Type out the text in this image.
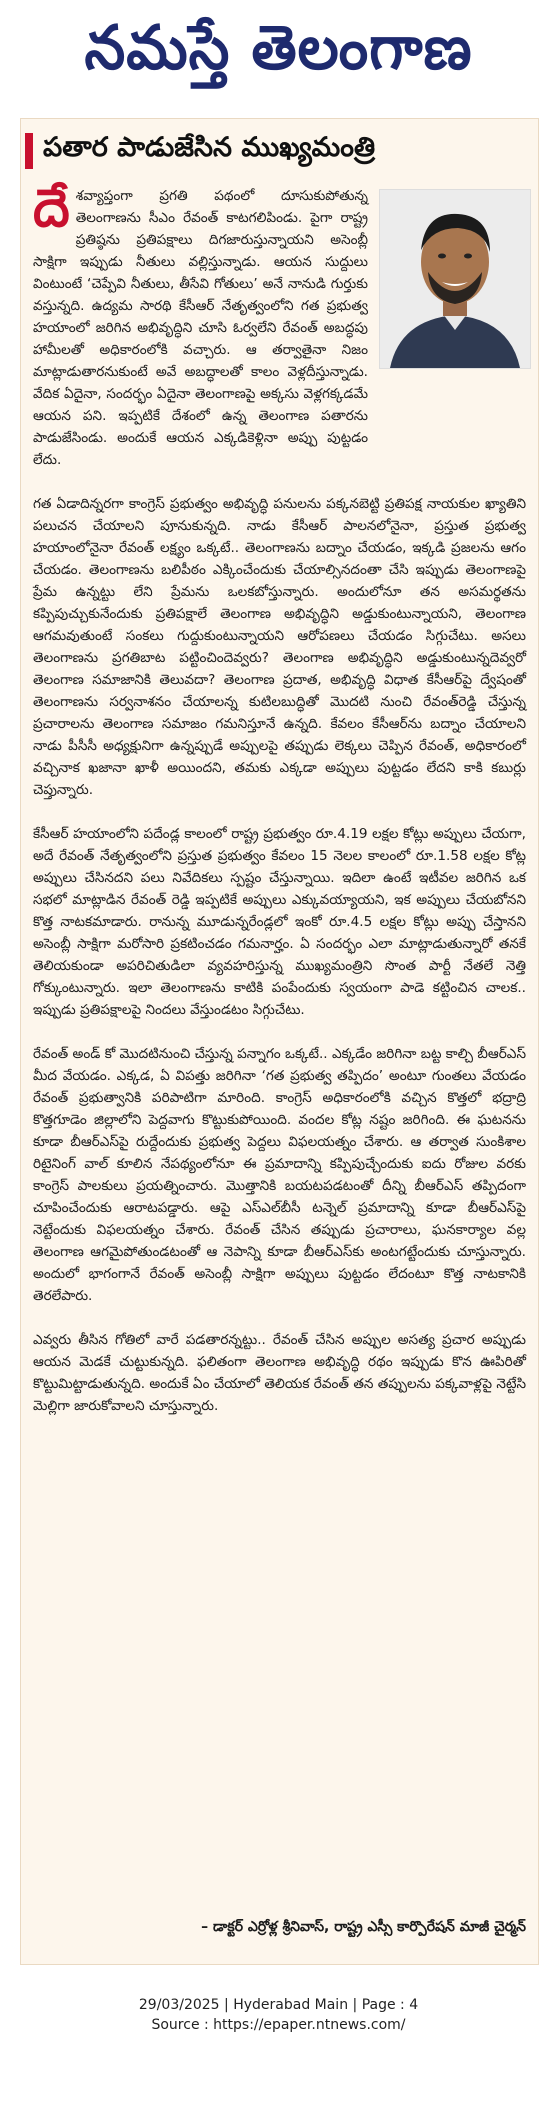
నమస్తే తెలంగాణ
పతార పాడుజేసిన ముఖ్యమంత్రి

దే శవ్యాప్తంగా ప్రగతి పథంలో దూసుకుపోతున్న తెలంగాణను సీఎం రేవంత్ కాటగలిపిండు. పైగా రాష్ట్ర ప్రతిష్ఠను ప్రతిపక్షాలు దిగజారుస్తున్నాయని అసెంబ్లీ సాక్షిగా ఇప్పుడు నీతులు వల్లిస్తున్నాడు. ఆయన సుద్దులు వింటుంటే ‘చెప్పేవి నీతులు, తీసేవి గోతులు’ అనే నానుడి గుర్తుకు వస్తున్నది. ఉద్యమ సారథి కేసీఆర్ నేతృత్వంలోని గత ప్రభుత్వ హయాంలో జరిగిన అభివృద్ధిని చూసి ఓర్వలేని రేవంత్ అబద్ధపు హామీలతో అధికారంలోకి వచ్చారు. ఆ తర్వాతైనా నిజం మాట్లాడుతారనుకుంటే అవే అబద్ధాలతో కాలం వెళ్లదీస్తున్నాడు. వేదిక ఏదైనా, సందర్భం ఏదైనా తెలంగాణపై అక్కసు వెళ్లగక్కడమే ఆయన పని. ఇప్పటికే దేశంలో ఉన్న తెలంగాణ పతారను పాడుజేసిండు. అందుకే ఆయన ఎక్కడికెళ్లినా అప్పు పుట్టడం లేదు.

గత ఏడాదిన్నరగా కాంగ్రెస్ ప్రభుత్వం అభివృద్ధి పనులను పక్కనబెట్టి ప్రతిపక్ష నాయకుల ఖ్యాతిని పలుచన చేయాలని పూనుకున్నది. నాడు కేసీఆర్ పాలనలోనైనా, ప్రస్తుత ప్రభుత్వ హయాంలోనైనా రేవంత్ లక్ష్యం ఒక్కటే.. తెలంగాణను బద్నాం చేయడం, ఇక్కడి ప్రజలను ఆగం చేయడం. తెలంగాణను బలిపీఠం ఎక్కించేందుకు చేయాల్సినదంతా చేసి ఇప్పుడు తెలంగాణపై ప్రేమ ఉన్నట్టు లేని ప్రేమను ఒలకబోస్తున్నారు. అందులోనూ తన అసమర్థతను కప్పిపుచ్చుకునేందుకు ప్రతిపక్షాలే తెలంగాణ అభివృద్ధిని అడ్డుకుంటున్నాయని, తెలంగాణ ఆగమవుతుంటే సంకలు గుద్దుకుంటున్నాయని ఆరోపణలు చేయడం సిగ్గుచేటు. అసలు తెలంగాణను ప్రగతిబాట పట్టించిందెవ్వరు? తెలంగాణ అభివృద్ధిని అడ్డుకుంటున్నదెవ్వరో తెలంగాణ సమాజానికి తెలువదా? తెలంగాణ ప్రదాత, అభివృద్ధి విధాత కేసీఆర్‌పై ద్వేషంతో తెలంగాణను సర్వనాశనం చేయాలన్న కుటిలబుద్ధితో మొదటి నుంచి రేవంత్‌రెడ్డి చేస్తున్న ప్రచారాలను తెలంగాణ సమాజం గమనిస్తూనే ఉన్నది. కేవలం కేసీఆర్‌ను బద్నాం చేయాలని నాడు పీసీసీ అధ్యక్షునిగా ఉన్నప్పుడే అప్పులపై తప్పుడు లెక్కలు చెప్పిన రేవంత్, అధికారంలో వచ్చినాక ఖజానా ఖాళీ అయిందని, తమకు ఎక్కడా అప్పులు పుట్టడం లేదని కాకి కబుర్లు చెప్తున్నారు.

కేసీఆర్ హయాంలోని పదేండ్ల కాలంలో రాష్ట్ర ప్రభుత్వం రూ.4.19 లక్షల కోట్లు అప్పులు చేయగా, అదే రేవంత్ నేతృత్వంలోని ప్రస్తుత ప్రభుత్వం కేవలం 15 నెలల కాలంలో రూ.1.58 లక్షల కోట్ల అప్పులు చేసినదని పలు నివేదికలు స్పష్టం చేస్తున్నాయి. ఇదిలా ఉంటే ఇటీవల జరిగిన ఒక సభలో మాట్లాడిన రేవంత్ రెడ్డి ఇప్పటికే అప్పులు ఎక్కువయ్యాయని, ఇక అప్పులు చేయబోనని కొత్త నాటకమాడారు. రానున్న మూడున్నరేండ్లలో ఇంకో రూ.4.5 లక్షల కోట్లు అప్పు చేస్తానని అసెంబ్లీ సాక్షిగా మరోసారి ప్రకటించడం గమనార్హం. ఏ సందర్భం ఎలా మాట్లాడుతున్నారో తనకే తెలియకుండా అపరిచితుడిలా వ్యవహరిస్తున్న ముఖ్యమంత్రిని సొంత పార్టీ నేతలే నెత్తి గోక్కుంటున్నారు. ఇలా తెలంగాణను కాటికి పంపేందుకు స్వయంగా పాడె కట్టించిన చాలక.. ఇప్పుడు ప్రతిపక్షాలపై నిందలు వేస్తుండటం సిగ్గుచేటు.

రేవంత్ అండ్ కో మొదటినుంచి చేస్తున్న పన్నాగం ఒక్కటే.. ఎక్కడేం జరిగినా బట్ట కాల్చి బీఆర్ఎస్ మీద వేయడం. ఎక్కడ, ఏ విపత్తు జరిగినా ‘గత ప్రభుత్వ తప్పిదం’ అంటూ గుంతలు వేయడం రేవంత్ ప్రభుత్వానికి పరిపాటిగా మారింది. కాంగ్రెస్ అధికారంలోకి వచ్చిన కొత్తలో భద్రాద్రి కొత్తగూడెం జిల్లాలోని పెద్దవాగు కొట్టుకుపోయింది. వందల కోట్ల నష్టం జరిగింది. ఈ ఘటనను కూడా బీఆర్ఎస్‌పై రుద్దేందుకు ప్రభుత్వ పెద్దలు విఫలయత్నం చేశారు. ఆ తర్వాత సుంకిశాల రిటైనింగ్ వాల్ కూలిన నేపథ్యంలోనూ ఈ ప్రమాదాన్ని కప్పిపుచ్చేందుకు ఐదు రోజుల వరకు కాంగ్రెస్ పాలకులు ప్రయత్నించారు. మొత్తానికి బయటపడటంతో దీన్ని బీఆర్ఎస్ తప్పిదంగా చూపించేందుకు ఆరాటపడ్డారు. ఆపై ఎస్ఎల్‌బీసీ టన్నెల్ ప్రమాదాన్ని కూడా బీఆర్ఎస్‌పై నెట్టేందుకు విఫలయత్నం చేశారు. రేవంత్ చేసిన తప్పుడు ప్రచారాలు, ఘనకార్యాల వల్ల తెలంగాణ ఆగమైపోతుండటంతో ఆ నెపాన్ని కూడా బీఆర్ఎస్‌కు అంటగట్టేందుకు చూస్తున్నారు. అందులో భాగంగానే రేవంత్ అసెంబ్లీ సాక్షిగా అప్పులు పుట్టడం లేదంటూ కొత్త నాటకానికి తెరలేపారు.

ఎవ్వరు తీసిన గోతిలో వారే పడతారన్నట్టు.. రేవంత్ చేసిన అప్పుల అసత్య ప్రచార అప్పుడు ఆయన మెడకే చుట్టుకున్నది. ఫలితంగా తెలంగాణ అభివృద్ధి రథం ఇప్పుడు కొన ఊపిరితో కొట్టుమిట్టాడుతున్నది. అందుకే ఏం చేయాలో తెలియక రేవంత్ తన తప్పులను పక్కవాళ్లపై నెట్టేసి మెల్లిగా జారుకోవాలని చూస్తున్నారు.

– డాక్టర్ ఎర్రోళ్ల శ్రీనివాస్, రాష్ట్ర ఎస్సీ కార్పొరేషన్ మాజీ చైర్మన్
29/03/2025 | Hyderabad Main | Page : 4
Source : https://epaper.ntnews.com/
